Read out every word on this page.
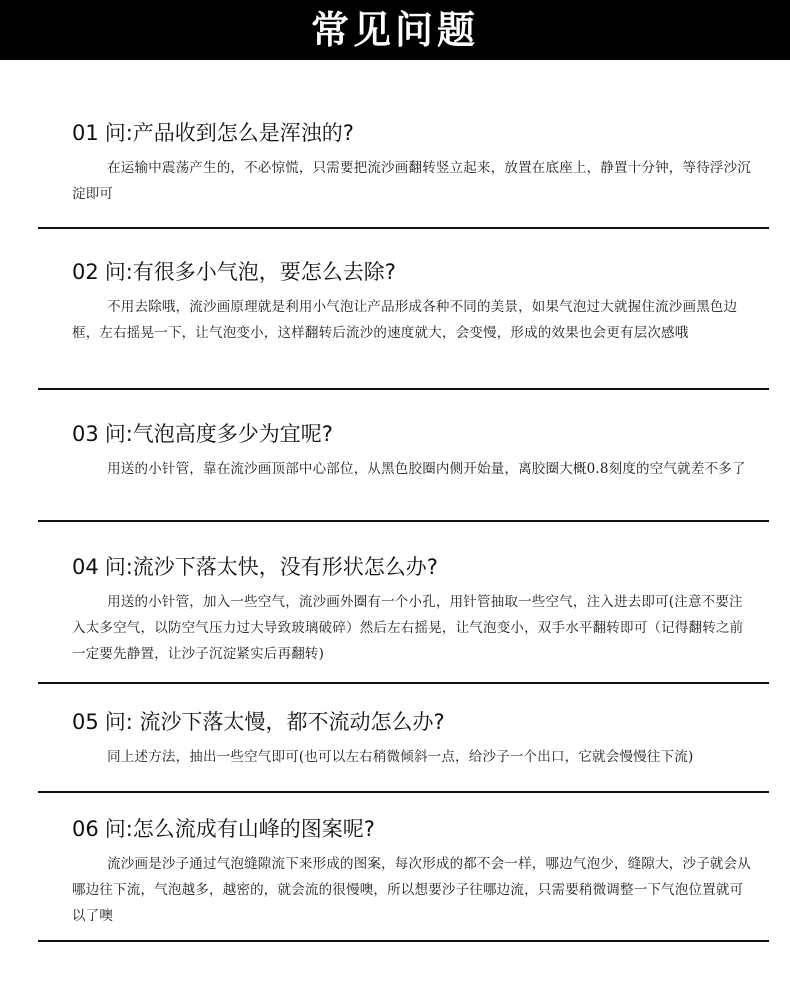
常见问题
01 问:产品收到怎么是浑浊的?
在运输中震荡产生的，不必惊慌，只需要把流沙画翻转竖立起来，放置在底座上，静置十分钟，等待浮沙沉淀即可
02 问:有很多小气泡，要怎么去除?
不用去除哦，流沙画原理就是利用小气泡让产品形成各种不同的美景，如果气泡过大就握住流沙画黑色边框，左右摇晃一下，让气泡变小，这样翻转后流沙的速度就大，会变慢，形成的效果也会更有层次感哦
03 问:气泡高度多少为宜呢?
用送的小针管，靠在流沙画顶部中心部位，从黑色胶圈内侧开始量，离胶圈大概0.8刻度的空气就差不多了
04 问:流沙下落太快，没有形状怎么办?
用送的小针管，加入一些空气，流沙画外圈有一个小孔，用针管抽取一些空气，注入进去即可(注意不要注入太多空气，以防空气压力过大导致玻璃破碎）然后左右摇晃，让气泡变小，双手水平翻转即可（记得翻转之前一定要先静置，让沙子沉淀紧实后再翻转)
05 问: 流沙下落太慢，都不流动怎么办?
同上述方法，抽出一些空气即可(也可以左右稍微倾斜一点，给沙子一个出口，它就会慢慢往下流)
06 问:怎么流成有山峰的图案呢?
流沙画是沙子通过气泡缝隙流下来形成的图案，每次形成的都不会一样，哪边气泡少，缝隙大，沙子就会从哪边往下流，气泡越多，越密的，就会流的很慢噢，所以想要沙子往哪边流，只需要稍微调整一下气泡位置就可以了噢
